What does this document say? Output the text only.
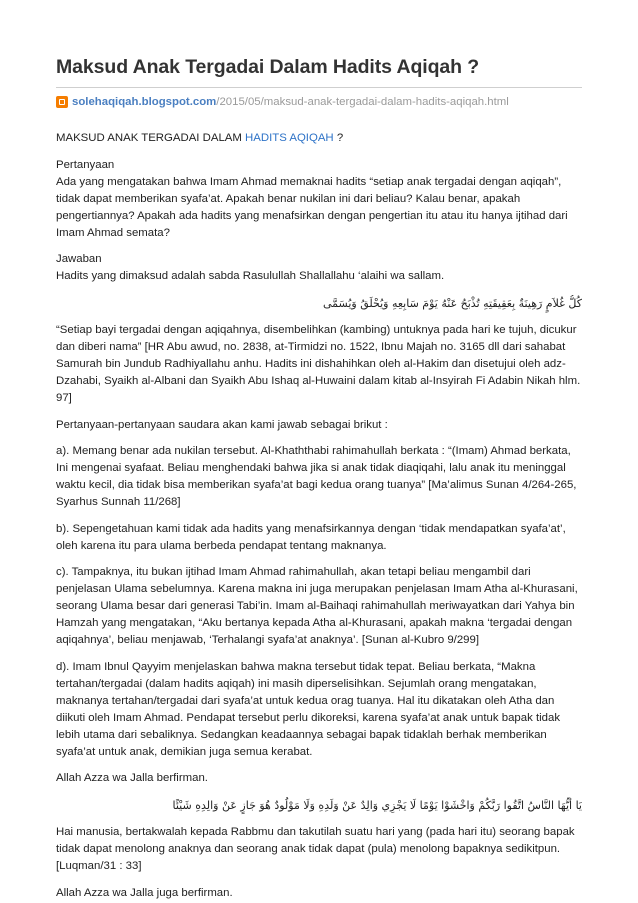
Maksud Anak Tergadai Dalam Hadits Aqiqah ?
solehaqiqah.blogspot.com /2015/05/maksud-anak-tergadai-dalam-hadits-aqiqah.html

MAKSUD ANAK TERGADAI DALAM HADITS AQIQAH ?

Pertanyaan
Ada yang mengatakan bahwa Imam Ahmad memaknai hadits “setiap anak tergadai dengan aqiqah”, tidak dapat memberikan syafa’at. Apakah benar nukilan ini dari beliau? Kalau benar, apakah pengertiannya? Apakah ada hadits yang menafsirkan dengan pengertian itu atau itu hanya ijtihad dari Imam Ahmad semata?

Jawaban
Hadits yang dimaksud adalah sabda Rasulullah Shallallahu ‘alaihi wa sallam.

كُلُّ غُلاَمٍ رَهِينَةٌ بِعَقِيقَتِهِ تُذْبَحُ عَنْهُ يَوْمَ سَابِعِهِ وَيُحْلَقُ وَيُسَمَّى

“Setiap bayi tergadai dengan aqiqahnya, disembelihkan (kambing) untuknya pada hari ke tujuh, dicukur dan diberi nama” [HR Abu awud, no. 2838, at-Tirmidzi no. 1522, Ibnu Majah no. 3165 dll dari sahabat Samurah bin Jundub Radhiyallahu anhu. Hadits ini dishahihkan oleh al-Hakim dan disetujui oleh adz-Dzahabi, Syaikh al-Albani dan Syaikh Abu Ishaq al-Huwaini dalam kitab al-Insyirah Fi Adabin Nikah hlm. 97]

Pertanyaan-pertanyaan saudara akan kami jawab sebagai brikut :

a). Memang benar ada nukilan tersebut. Al-Khaththabi rahimahullah berkata : “(Imam) Ahmad berkata, Ini mengenai syafaat. Beliau menghendaki bahwa jika si anak tidak diaqiqahi, lalu anak itu meninggal waktu kecil, dia tidak bisa memberikan syafa’at bagi kedua orang tuanya” [Ma’alimus Sunan 4/264-265, Syarhus Sunnah 11/268]

b). Sepengetahuan kami tidak ada hadits yang menafsirkannya dengan ‘tidak mendapatkan syafa’at’, oleh karena itu para ulama berbeda pendapat tentang maknanya.

c). Tampaknya, itu bukan ijtihad Imam Ahmad rahimahullah, akan tetapi beliau mengambil dari penjelasan Ulama sebelumnya. Karena makna ini juga merupakan penjelasan Imam Atha al-Khurasani, seorang Ulama besar dari generasi Tabi’in. Imam al-Baihaqi rahimahullah meriwayatkan dari Yahya bin Hamzah yang mengatakan, “Aku bertanya kepada Atha al-Khurasani, apakah makna ‘tergadai dengan aqiqahnya’, beliau menjawab, ‘Terhalangi syafa’at anaknya’. [Sunan al-Kubro 9/299]

d). Imam Ibnul Qayyim menjelaskan bahwa makna tersebut tidak tepat. Beliau berkata, “Makna tertahan/tergadai (dalam hadits aqiqah) ini masih diperselisihkan. Sejumlah orang mengatakan, maknanya tertahan/tergadai dari syafa’at untuk kedua orag tuanya. Hal itu dikatakan oleh Atha dan diikuti oleh Imam Ahmad. Pendapat tersebut perlu dikoreksi, karena syafa’at anak untuk bapak tidak lebih utama dari sebaliknya. Sedangkan keadaannya sebagai bapak tidaklah berhak memberikan syafa’at untuk anak, demikian juga semua kerabat.

Allah Azza wa Jalla berfirman.

يَا أَيُّهَا النَّاسُ اتَّقُوا رَبَّكُمْ وَاخْشَوْا يَوْمًا لَا يَجْزِي وَالِدٌ عَنْ وَلَدِهِ وَلَا مَوْلُودٌ هُوَ جَازٍ عَنْ وَالِدِهِ شَيْئًا

Hai manusia, bertakwalah kepada Rabbmu dan takutilah suatu hari yang (pada hari itu) seorang bapak tidak dapat menolong anaknya dan seorang anak tidak dapat (pula) menolong bapaknya sedikitpun. [Luqman/31 : 33]

Allah Azza wa Jalla juga berfirman.
